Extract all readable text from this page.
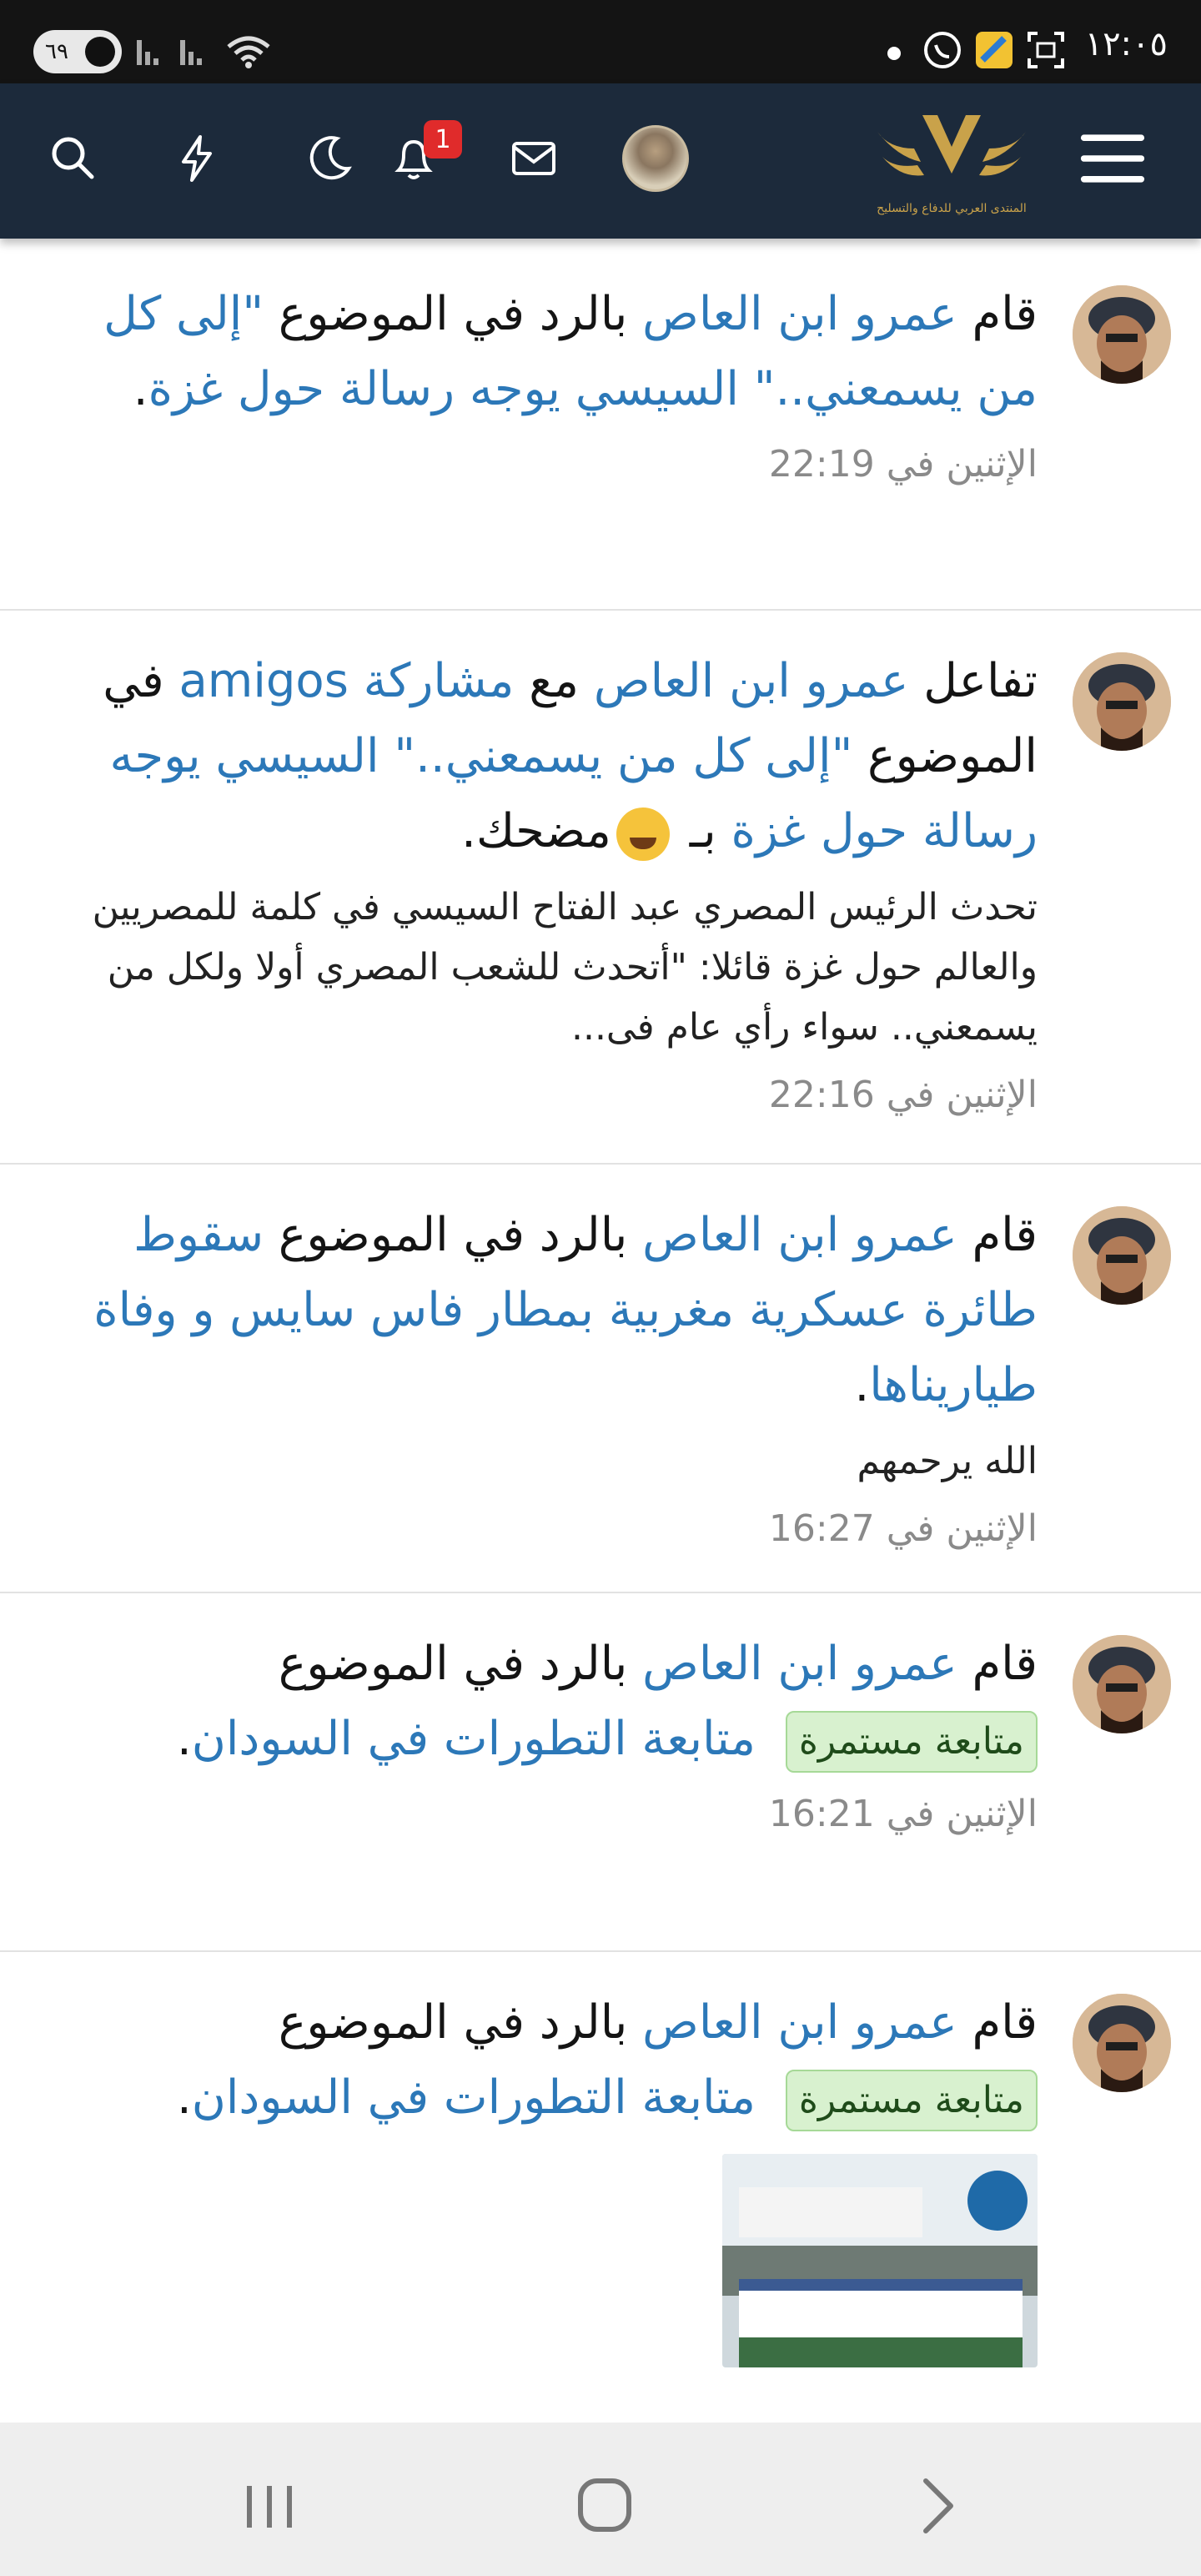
٦٩	١٢:٠٥
1
المنتدى العربي للدفاع والتسليح
قام عمرو ابن العاص بالرد في الموضوع "إلى كل من يسمعني.." السيسي يوجه رسالة حول غزة.
الإثنين في 22:19
تفاعل عمرو ابن العاص مع مشاركة amigos في الموضوع "إلى كل من يسمعني.." السيسي يوجه رسالة حول غزة بـ مضحك.
تحدث الرئيس المصري عبد الفتاح السيسي في كلمة للمصريين والعالم حول غزة قائلا: "أتحدث للشعب المصري أولا ولكل من يسمعني.. سواء رأي عام فى...
الإثنين في 22:16
قام عمرو ابن العاص بالرد في الموضوع سقوط طائرة عسكرية مغربية بمطار فاس سايس و وفاة طياريناها.
الله يرحمهم
الإثنين في 16:27
قام عمرو ابن العاص بالرد في الموضوع متابعة مستمرة متابعة التطورات في السودان.
الإثنين في 16:21
قام عمرو ابن العاص بالرد في الموضوع متابعة مستمرة متابعة التطورات في السودان.
